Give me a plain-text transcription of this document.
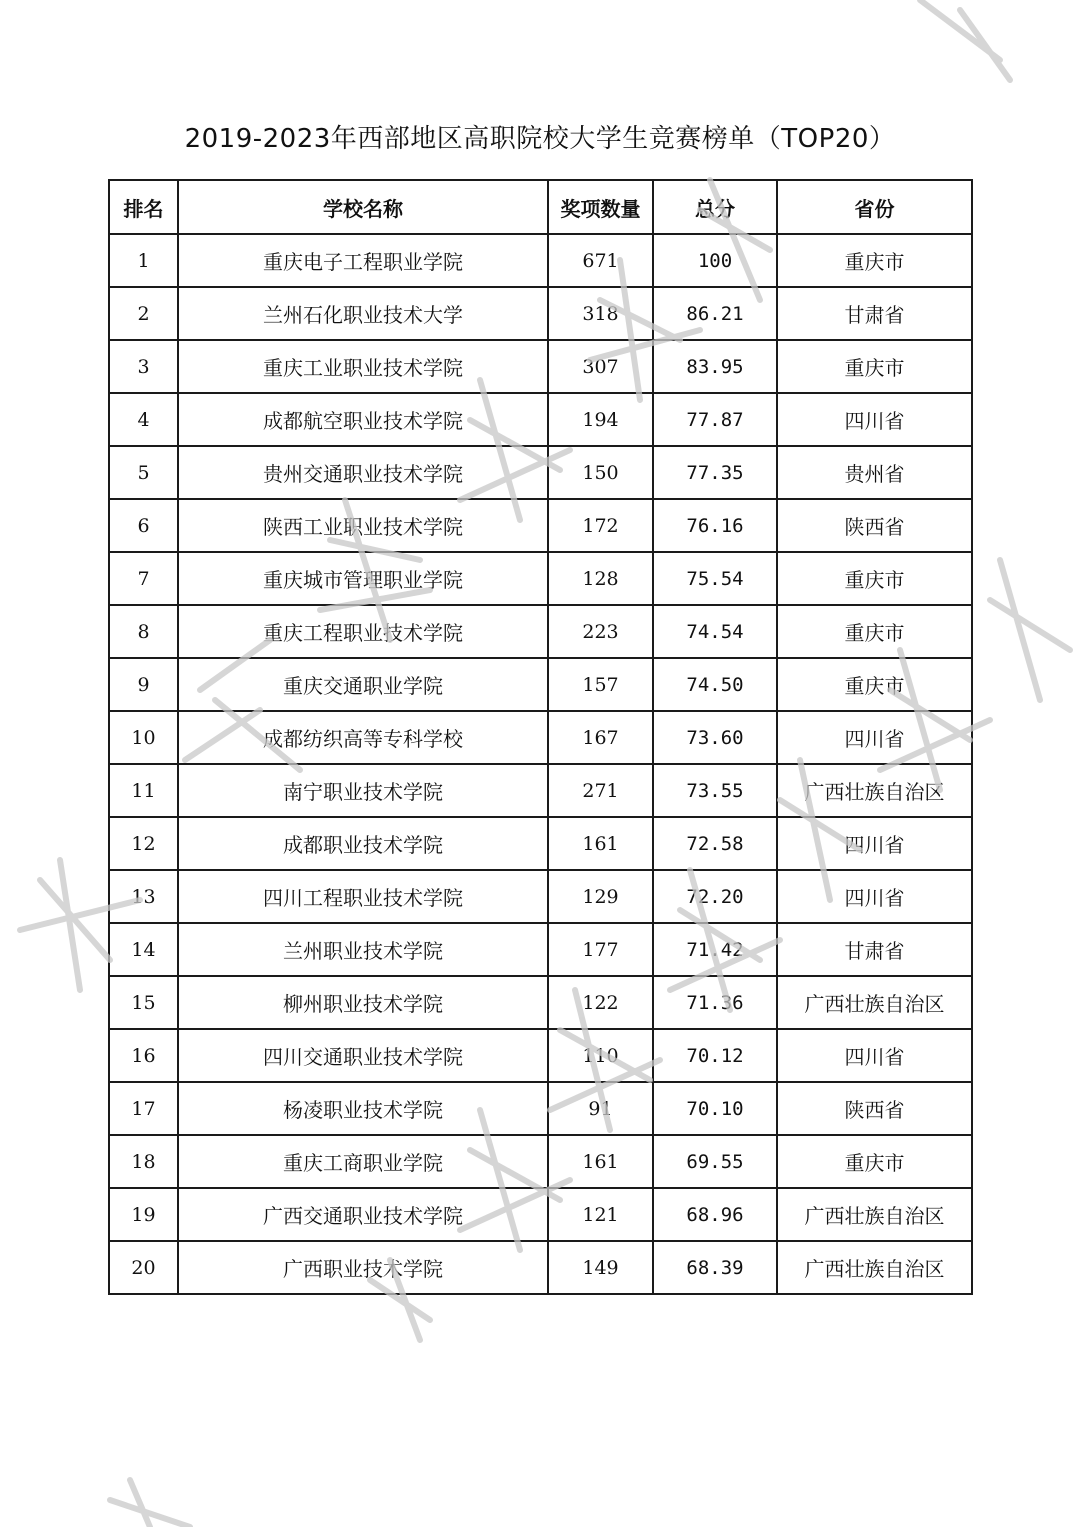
2019-2023年西部地区高职院校大学生竞赛榜单（TOP20）
排名	学校名称	奖项数量	总分	省份
1	重庆电子工程职业学院	671	100	重庆市
2	兰州石化职业技术大学	318	86.21	甘肃省
3	重庆工业职业技术学院	307	83.95	重庆市
4	成都航空职业技术学院	194	77.87	四川省
5	贵州交通职业技术学院	150	77.35	贵州省
6	陕西工业职业技术学院	172	76.16	陕西省
7	重庆城市管理职业学院	128	75.54	重庆市
8	重庆工程职业技术学院	223	74.54	重庆市
9	重庆交通职业学院	157	74.50	重庆市
10	成都纺织高等专科学校	167	73.60	四川省
11	南宁职业技术学院	271	73.55	广西壮族自治区
12	成都职业技术学院	161	72.58	四川省
13	四川工程职业技术学院	129	72.20	四川省
14	兰州职业技术学院	177	71.42	甘肃省
15	柳州职业技术学院	122	71.36	广西壮族自治区
16	四川交通职业技术学院	110	70.12	四川省
17	杨凌职业技术学院	91	70.10	陕西省
18	重庆工商职业学院	161	69.55	重庆市
19	广西交通职业技术学院	121	68.96	广西壮族自治区
20	广西职业技术学院	149	68.39	广西壮族自治区
